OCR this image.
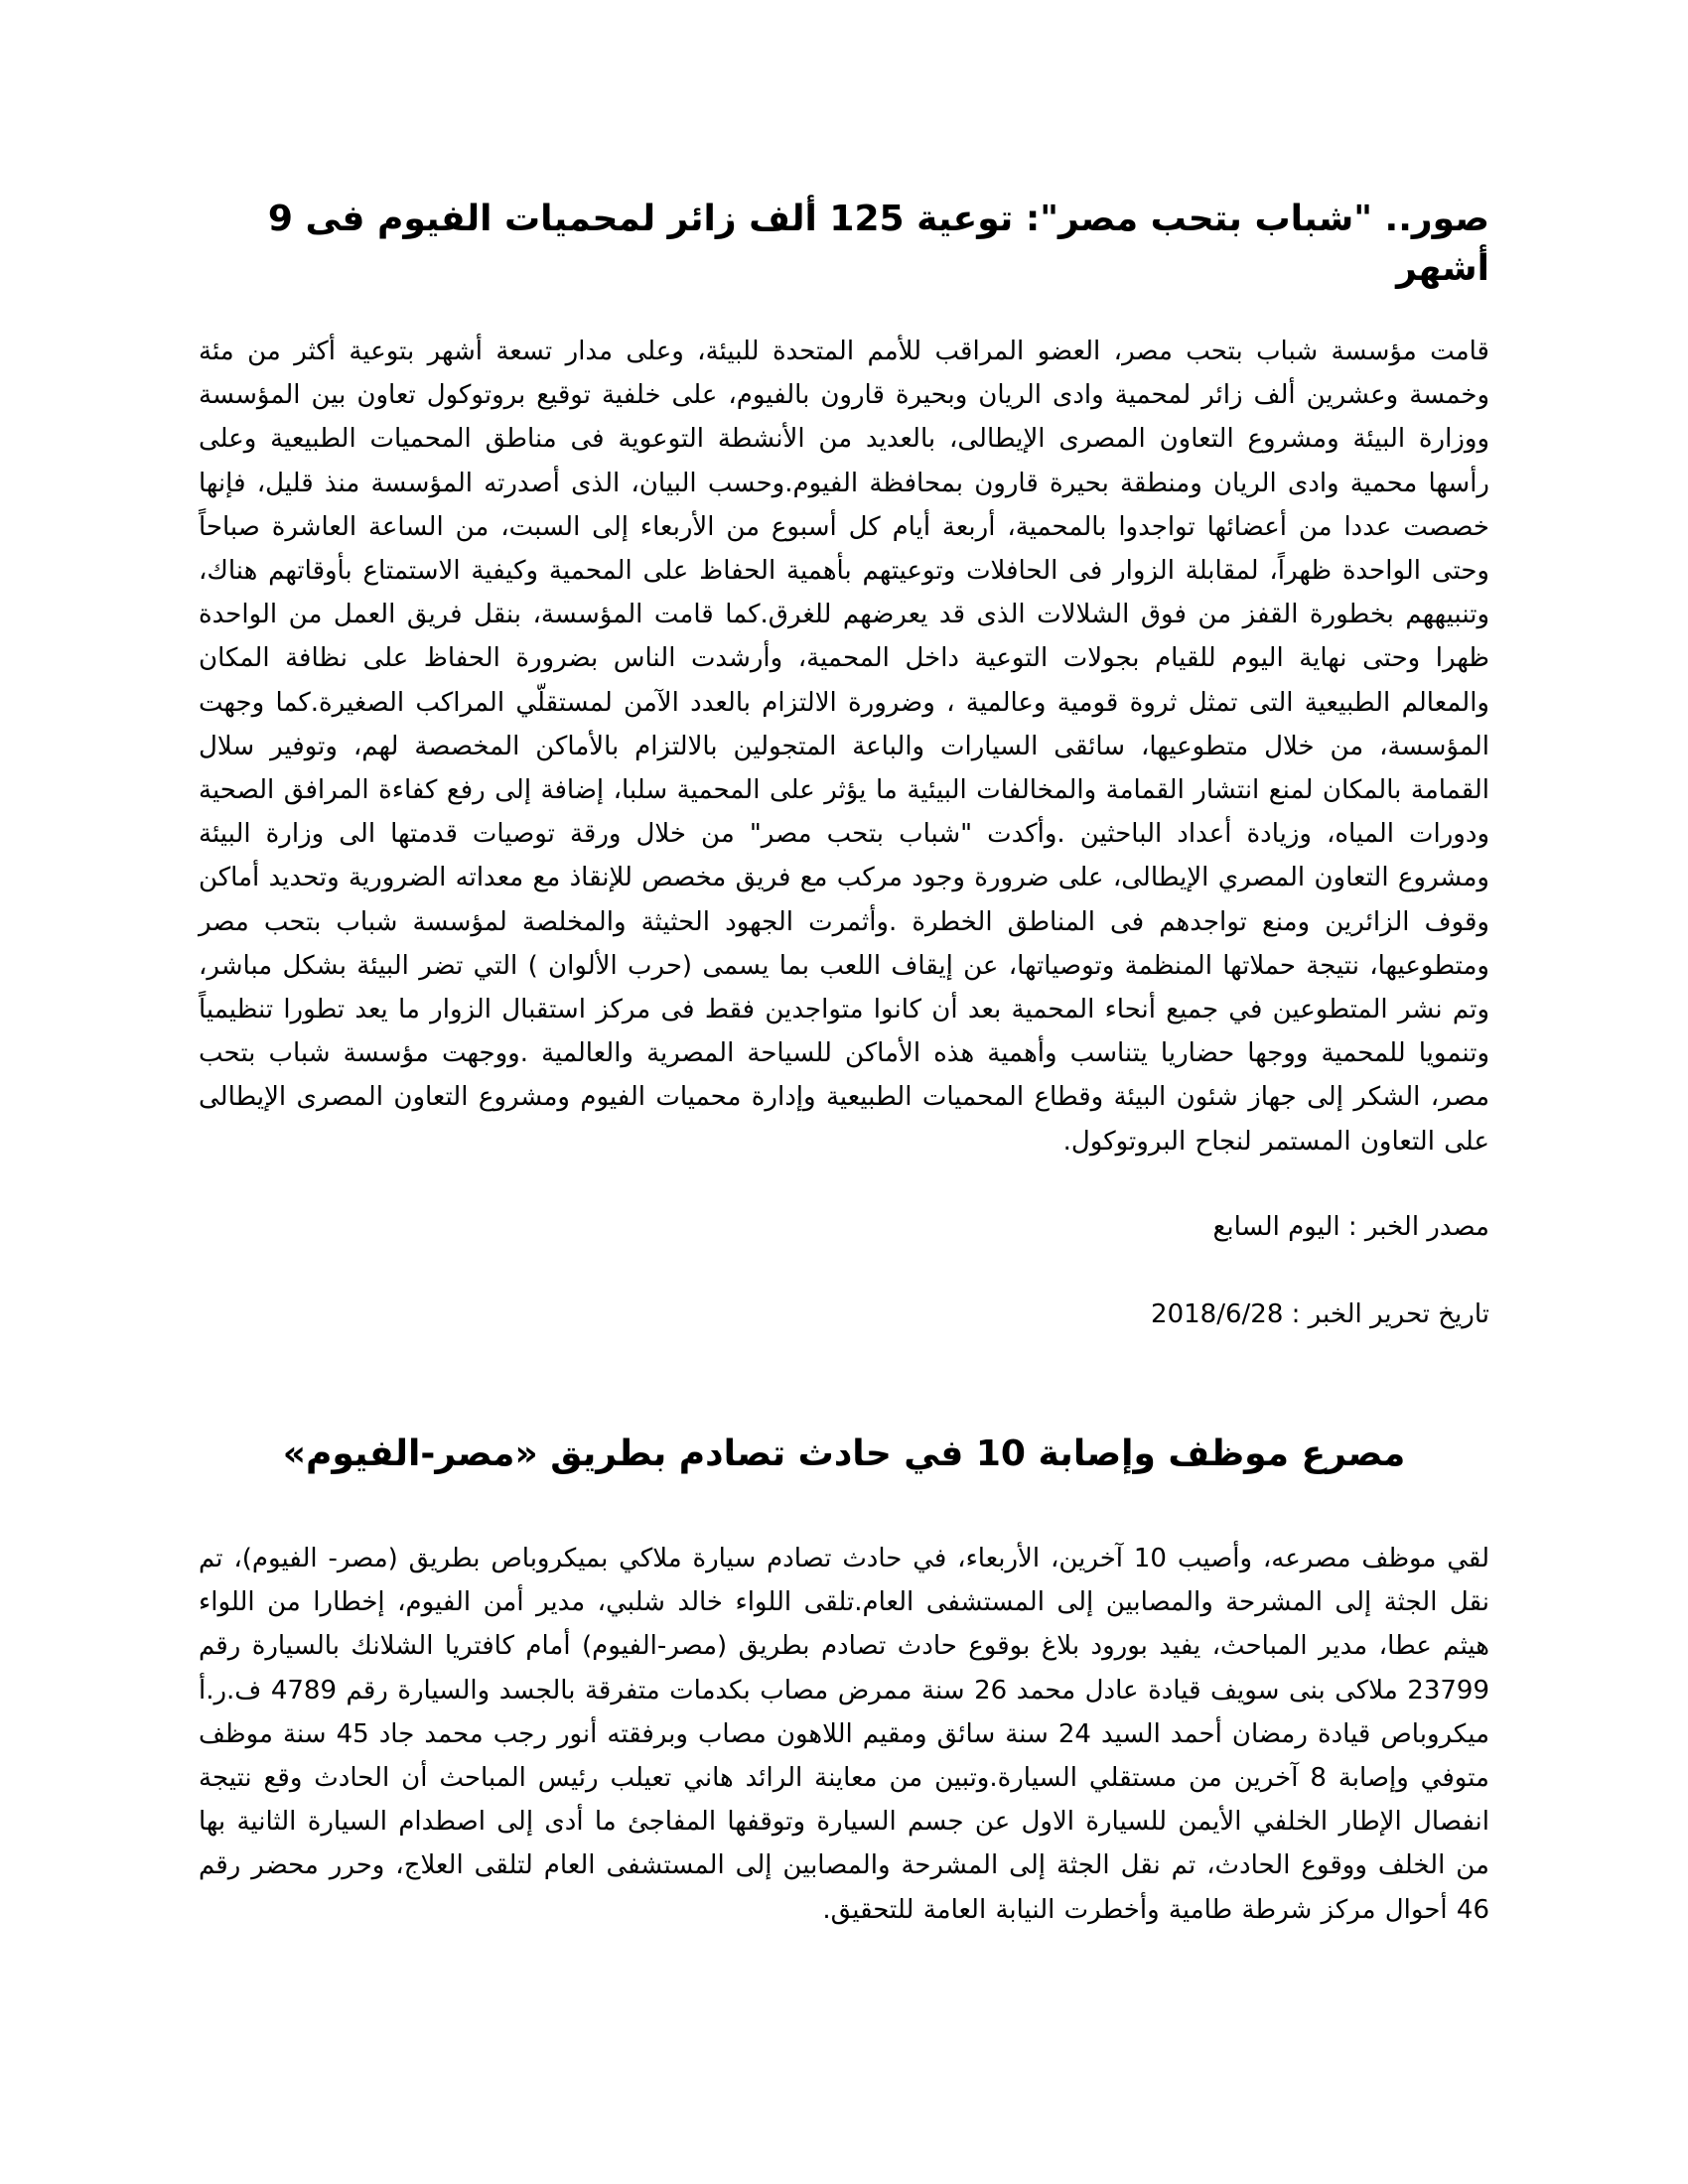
صور.. "شباب بتحب مصر": توعية 125 ألف زائر لمحميات الفيوم فى 9 أشهر

قامت مؤسسة شباب بتحب مصر، العضو المراقب للأمم المتحدة للبيئة، وعلى مدار تسعة أشهر بتوعية أكثر من مئة وخمسة وعشرين ألف زائر لمحمية وادى الريان وبحيرة قارون بالفيوم، على خلفية توقيع بروتوكول تعاون بين المؤسسة ووزارة البيئة ومشروع التعاون المصرى الإيطالى، بالعديد من الأنشطة التوعوية فى مناطق المحميات الطبيعية وعلى رأسها محمية وادى الريان ومنطقة بحيرة قارون بمحافظة الفيوم.وحسب البيان، الذى أصدرته المؤسسة منذ قليل، فإنها خصصت عددا من أعضائها تواجدوا بالمحمية، أربعة أيام كل أسبوع من الأربعاء إلى السبت، من الساعة العاشرة صباحاً وحتى الواحدة ظهراً، لمقابلة الزوار فى الحافلات وتوعيتهم بأهمية الحفاظ على المحمية وكيفية الاستمتاع بأوقاتهم هناك، وتنبيههم بخطورة القفز من فوق الشلالات الذى قد يعرضهم للغرق.كما قامت المؤسسة، بنقل فريق العمل من الواحدة ظهرا وحتى نهاية اليوم للقيام بجولات التوعية داخل المحمية، وأرشدت الناس بضرورة الحفاظ على نظافة المكان والمعالم الطبيعية التى تمثل ثروة قومية وعالمية ، وضرورة الالتزام بالعدد الآمن لمستقلّي المراكب الصغيرة.كما وجهت المؤسسة، من خلال متطوعيها، سائقى السيارات والباعة المتجولين بالالتزام بالأماكن المخصصة لهم، وتوفير سلال القمامة بالمكان لمنع انتشار القمامة والمخالفات البيئية ما يؤثر على المحمية سلبا، إضافة إلى رفع كفاءة المرافق الصحية ودورات المياه، وزيادة أعداد الباحثين .وأكدت "شباب بتحب مصر" من خلال ورقة توصيات قدمتها الى وزارة البيئة ومشروع التعاون المصري الإيطالى، على ضرورة وجود مركب مع فريق مخصص للإنقاذ مع معداته الضرورية وتحديد أماكن وقوف الزائرين ومنع تواجدهم فى المناطق الخطرة .وأثمرت الجهود الحثيثة والمخلصة لمؤسسة شباب بتحب مصر ومتطوعيها، نتيجة حملاتها المنظمة وتوصياتها، عن إيقاف اللعب بما يسمى (حرب الألوان ) التي تضر البيئة بشكل مباشر، وتم نشر المتطوعين في جميع أنحاء المحمية بعد أن كانوا متواجدين فقط فى مركز استقبال الزوار ما يعد تطورا تنظيمياً وتنمويا للمحمية ووجها حضاريا يتناسب وأهمية هذه الأماكن للسياحة المصرية والعالمية .ووجهت مؤسسة شباب بتحب مصر، الشكر إلى جهاز شئون البيئة وقطاع المحميات الطبيعية وإدارة محميات الفيوم ومشروع التعاون المصرى الإيطالى على التعاون المستمر لنجاح البروتوكول.

مصدر الخبر : اليوم السابع

تاريخ تحرير الخبر : 2018/6/28

مصرع موظف وإصابة 10 في حادث تصادم بطريق «مصر-الفيوم»

لقي موظف مصرعه، وأصيب 10 آخرين، الأربعاء، في حادث تصادم سيارة ملاكي بميكروباص بطريق (مصر- الفيوم)، تم نقل الجثة إلى المشرحة والمصابين إلى المستشفى العام.تلقى اللواء خالد شلبي، مدير أمن الفيوم، إخطارا من اللواء هيثم عطا، مدير المباحث، يفيد بورود بلاغ بوقوع حادث تصادم بطريق (مصر-الفيوم) أمام كافتريا الشلانك بالسيارة رقم 23799 ملاكى بنى سويف قيادة عادل محمد 26 سنة ممرض مصاب بكدمات متفرقة بالجسد والسيارة رقم 4789 ف.ر.أ ميكروباص قيادة رمضان أحمد السيد 24 سنة سائق ومقيم اللاهون مصاب وبرفقته أنور رجب محمد جاد 45 سنة موظف متوفي وإصابة 8 آخرين من مستقلي السيارة.وتبين من معاينة الرائد هاني تعيلب رئيس المباحث أن الحادث وقع نتيجة انفصال الإطار الخلفي الأيمن للسيارة الاول عن جسم السيارة وتوقفها المفاجئ ما أدى إلى اصطدام السيارة الثانية بها من الخلف ووقوع الحادث، تم نقل الجثة إلى المشرحة والمصابين إلى المستشفى العام لتلقى العلاج، وحرر محضر رقم 46 أحوال مركز شرطة طامية وأخطرت النيابة العامة للتحقيق.
